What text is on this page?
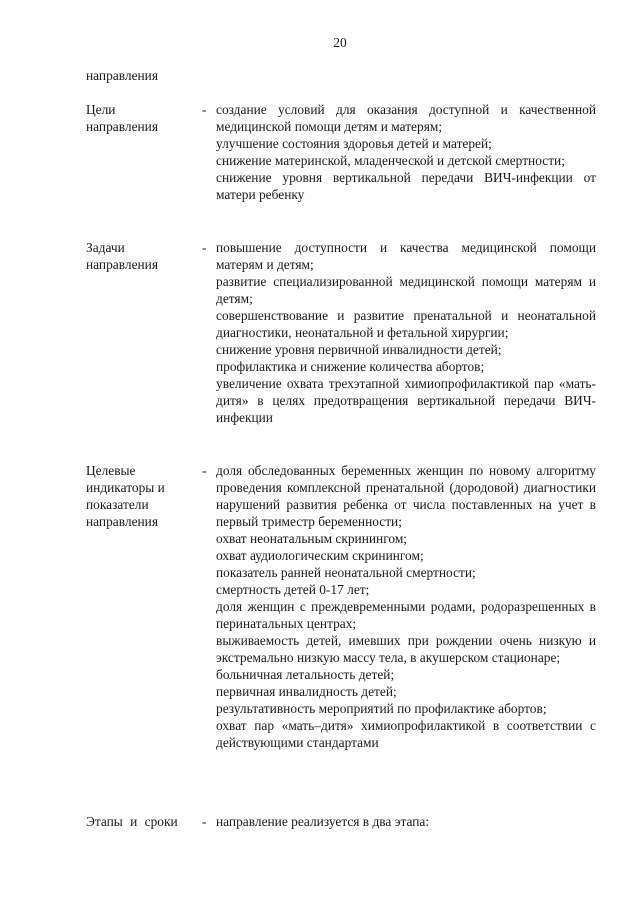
20
направления
Цели
направления
- создание условий для оказания доступной и качественной медицинской помощи детям и матерям;
улучшение состояния здоровья детей и матерей;
снижение материнской, младенческой и детской смертности;
снижение уровня вертикальной передачи ВИЧ-инфекции от матери ребенку
Задачи
направления
- повышение доступности и качества медицинской помощи матерям и детям;
развитие специализированной медицинской помощи матерям и детям;
совершенствование и развитие пренатальной и неонатальной диагностики, неонатальной и фетальной хирургии;
снижение уровня первичной инвалидности детей;
профилактика и снижение количества абортов;
увеличение охвата трехэтапной химиопрофилактикой пар «мать-дитя» в целях предотвращения вертикальной передачи ВИЧ-инфекции
Целевые
индикаторы и
показатели
направления
- доля обследованных беременных женщин по новому алгоритму проведения комплексной пренатальной (дородовой) диагностики нарушений развития ребенка от числа поставленных на учет в первый триместр беременности;
охват неонатальным скринингом;
охват аудиологическим скринингом;
показатель ранней неонатальной смертности;
смертность детей 0-17 лет;
доля женщин с преждевременными родами, родоразрешенных в перинатальных центрах;
выживаемость детей, имевших при рождении очень низкую и экстремально низкую массу тела, в акушерском стационаре;
больничная летальность детей;
первичная инвалидность детей;
результативность мероприятий по профилактике абортов;
охват пар «мать–дитя» химиопрофилактикой в соответствии с действующими стандартами
Этапы и сроки - направление реализуется в два этапа:
